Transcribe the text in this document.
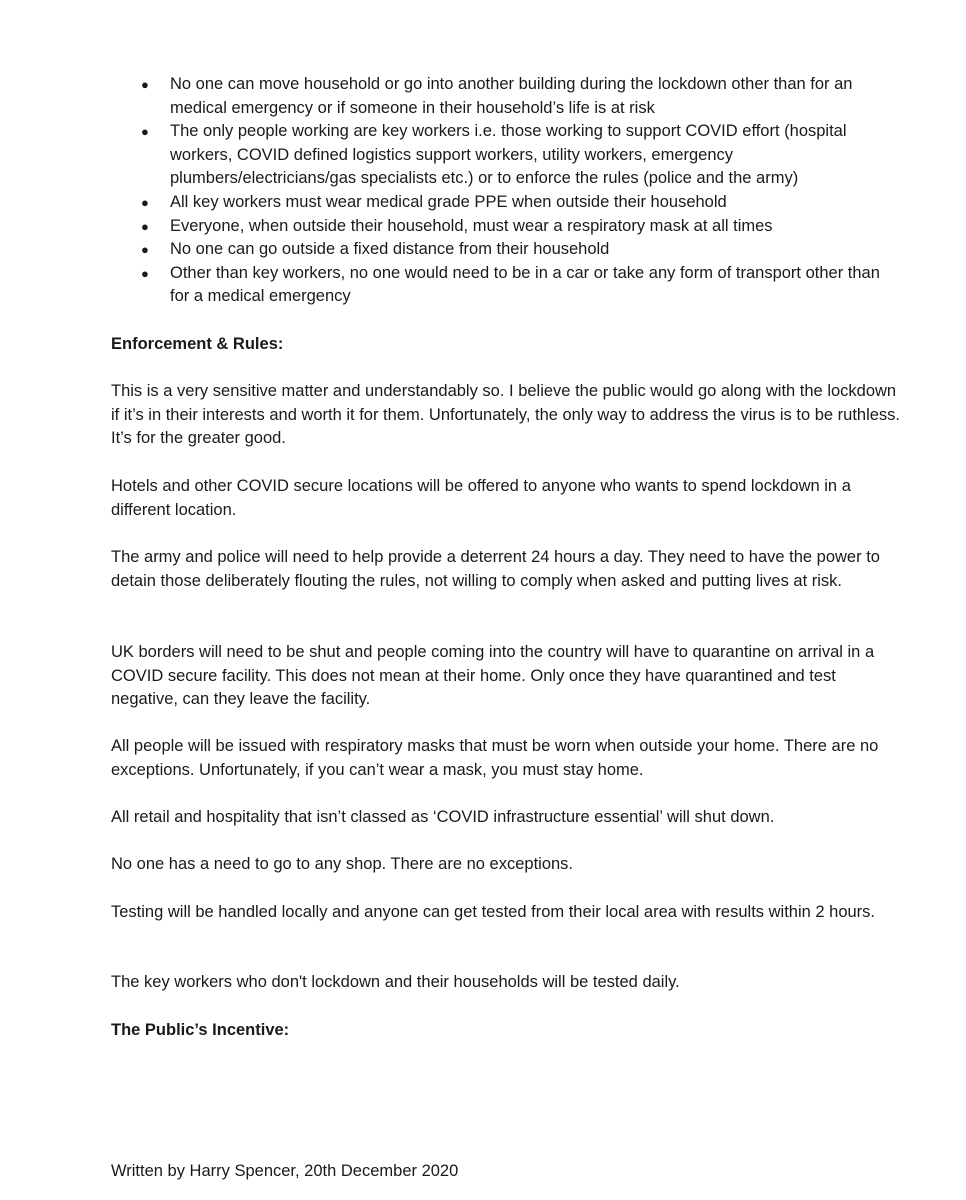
● No one can move household or go into another building during the lockdown other than for an medical emergency or if someone in their household’s life is at risk
● The only people working are key workers i.e. those working to support COVID effort (hospital workers, COVID defined logistics support workers, utility workers, emergency plumbers/electricians/gas specialists etc.) or to enforce the rules (police and the army)
● All key workers must wear medical grade PPE when outside their household
● Everyone, when outside their household, must wear a respiratory mask at all times
● No one can go outside a fixed distance from their household
● Other than key workers, no one would need to be in a car or take any form of transport other than for a medical emergency

Enforcement & Rules:

This is a very sensitive matter and understandably so. I believe the public would go along with the lockdown if it’s in their interests and worth it for them. Unfortunately, the only way to address the virus is to be ruthless. It’s for the greater good.

Hotels and other COVID secure locations will be offered to anyone who wants to spend lockdown in a different location.

The army and police will need to help provide a deterrent 24 hours a day. They need to have the power to detain those deliberately flouting the rules, not willing to comply when asked and putting lives at risk.

UK borders will need to be shut and people coming into the country will have to quarantine on arrival in a COVID secure facility. This does not mean at their home. Only once they have quarantined and test negative, can they leave the facility.

All people will be issued with respiratory masks that must be worn when outside your home. There are no exceptions. Unfortunately, if you can’t wear a mask, you must stay home.

All retail and hospitality that isn’t classed as ‘COVID infrastructure essential’ will shut down.

No one has a need to go to any shop. There are no exceptions.

Testing will be handled locally and anyone can get tested from their local area with results within 2 hours.

The key workers who don't lockdown and their households will be tested daily.

The Public’s Incentive:

Written by Harry Spencer, 20th December 2020
